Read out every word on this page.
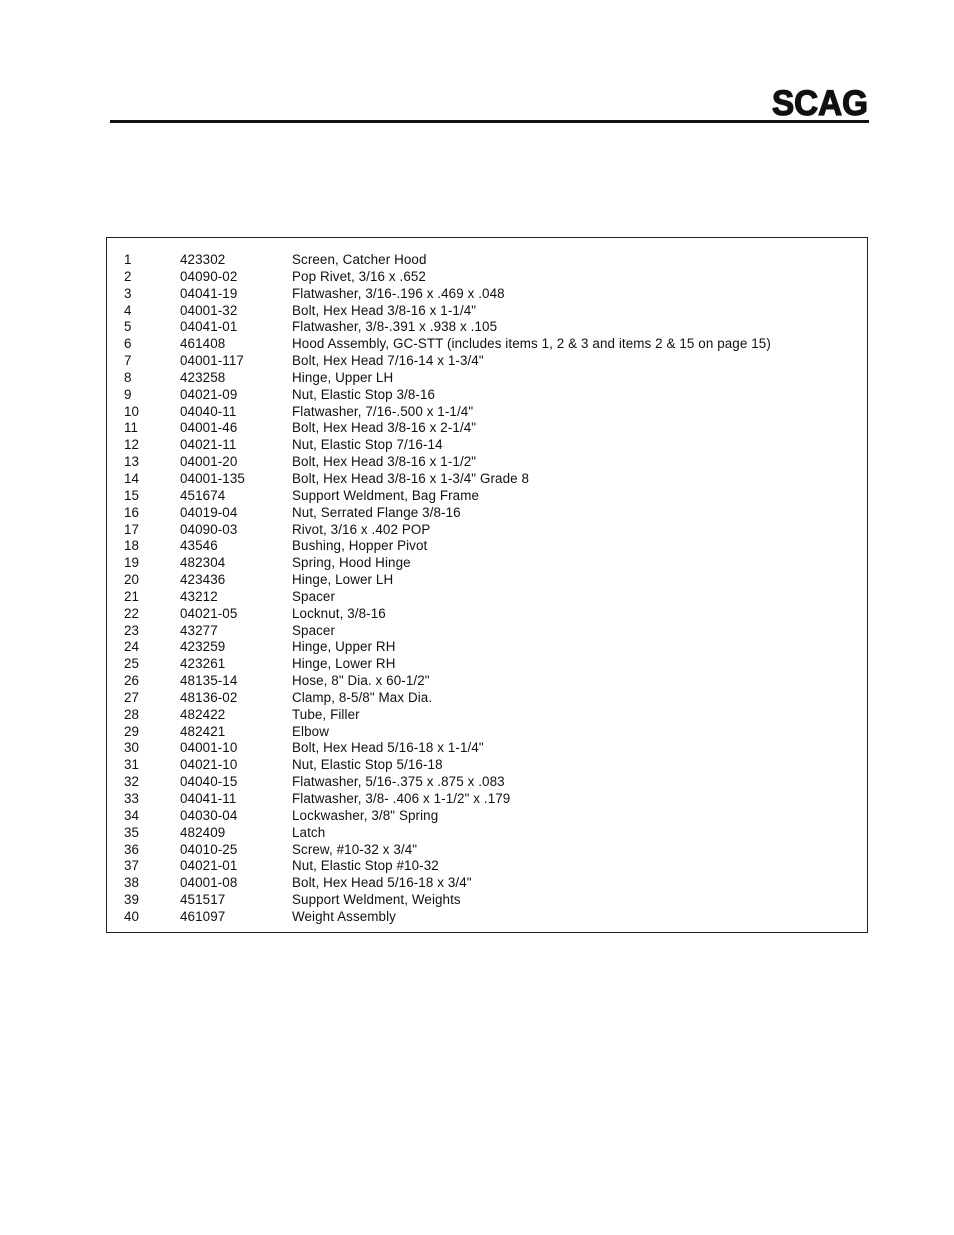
SCAG
1	423302	Screen, Catcher Hood
2	04090-02	Pop Rivet, 3/16 x .652
3	04041-19	Flatwasher, 3/16-.196 x .469 x .048
4	04001-32	Bolt, Hex Head 3/8-16 x 1-1/4"
5	04041-01	Flatwasher, 3/8-.391 x .938 x .105
6	461408	Hood Assembly, GC-STT (includes items 1, 2 & 3 and items 2 & 15 on page 15)
7	04001-117	Bolt, Hex Head 7/16-14 x 1-3/4"
8	423258	Hinge, Upper LH
9	04021-09	Nut, Elastic Stop 3/8-16
10	04040-11	Flatwasher, 7/16-.500 x 1-1/4"
11	04001-46	Bolt, Hex Head 3/8-16 x 2-1/4"
12	04021-11	Nut, Elastic Stop 7/16-14
13	04001-20	Bolt, Hex Head 3/8-16 x 1-1/2"
14	04001-135	Bolt, Hex Head 3/8-16 x 1-3/4" Grade 8
15	451674	Support Weldment, Bag Frame
16	04019-04	Nut, Serrated Flange 3/8-16
17	04090-03	Rivot, 3/16 x .402 POP
18	43546	Bushing, Hopper Pivot
19	482304	Spring, Hood Hinge
20	423436	Hinge, Lower LH
21	43212	Spacer
22	04021-05	Locknut, 3/8-16
23	43277	Spacer
24	423259	Hinge, Upper RH
25	423261	Hinge, Lower RH
26	48135-14	Hose, 8" Dia. x 60-1/2"
27	48136-02	Clamp, 8-5/8" Max Dia.
28	482422	Tube, Filler
29	482421	Elbow
30	04001-10	Bolt, Hex Head 5/16-18 x 1-1/4"
31	04021-10	Nut, Elastic Stop 5/16-18
32	04040-15	Flatwasher, 5/16-.375 x .875 x .083
33	04041-11	Flatwasher, 3/8- .406 x 1-1/2" x .179
34	04030-04	Lockwasher, 3/8" Spring
35	482409	Latch
36	04010-25	Screw, #10-32 x 3/4"
37	04021-01	Nut, Elastic Stop #10-32
38	04001-08	Bolt, Hex Head 5/16-18 x 3/4"
39	451517	Support Weldment, Weights
40	461097	Weight Assembly
